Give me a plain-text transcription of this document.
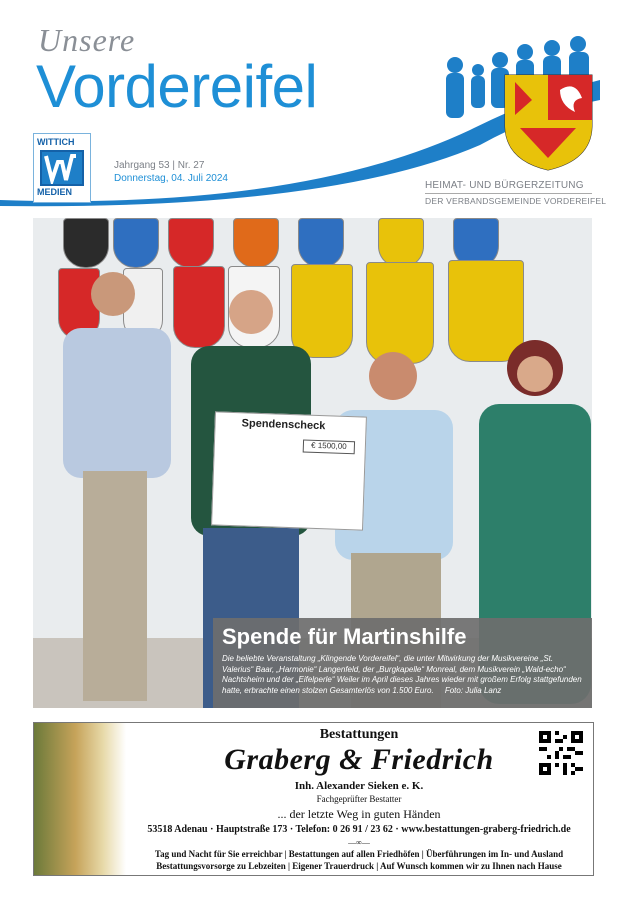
Unsere
Vordereifel
WITTICH
MEDIEN
Jahrgang 53 | Nr. 27
Donnerstag, 04. Juli 2024
HEIMAT- UND BÜRGERZEITUNG
DER VERBANDSGEMEINDE VORDEREIFEL
Spendenscheck
€ 1500,00
Spende für Martinshilfe
Die beliebte Veranstaltung „Klingende Vordereifel“, die unter Mitwirkung der Musikvereine „St. Valerius“ Baar, „Harmonie“ Langenfeld, der „Burgkapelle“ Monreal, dem Musikverein „Wald-echo“ Nachtsheim und der „Eifelperle“ Weiler im April dieses Jahres wieder mit großem Erfolg stattgefunden hatte, erbrachte einen stolzen Gesamterlös von 1.500 Euro. Foto: Julia Lanz
Bestattungen
Graberg & Friedrich
Inh. Alexander Sieken e. K.
Fachgeprüfter Bestatter
... der letzte Weg in guten Händen
53518 Adenau · Hauptstraße 173 · Telefon: 0 26 91 / 23 62 · www.bestattungen-graberg-friedrich.de
—∞—
Tag und Nacht für Sie erreichbar | Bestattungen auf allen Friedhöfen | Überführungen im In- und Ausland
Bestattungsvorsorge zu Lebzeiten | Eigener Trauerdruck | Auf Wunsch kommen wir zu Ihnen nach Hause
